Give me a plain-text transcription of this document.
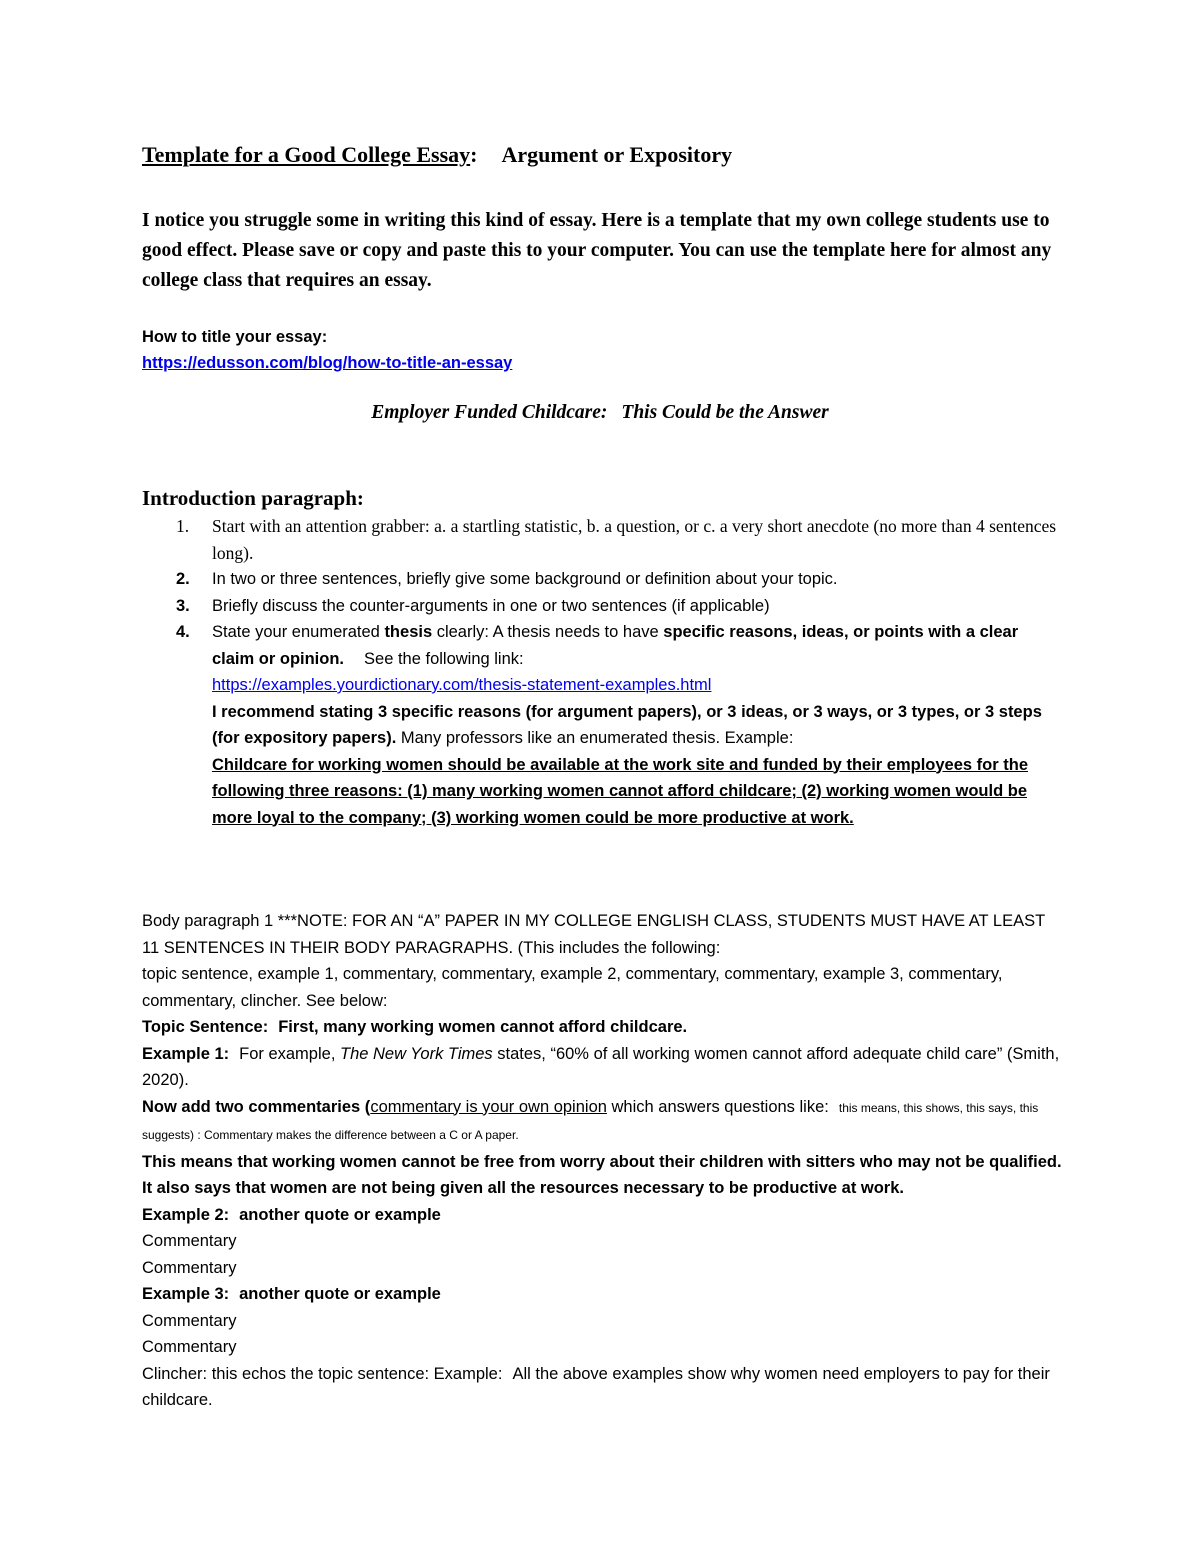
Template for a Good College Essay: Argument or Expository
I notice you struggle some in writing this kind of essay. Here is a template that my own college students use to good effect. Please save or copy and paste this to your computer. You can use the template here for almost any college class that requires an essay.
How to title your essay:
https://edusson.com/blog/how-to-title-an-essay
Employer Funded Childcare: This Could be the Answer
Introduction paragraph:
1. Start with an attention grabber: a. a startling statistic, b. a question, or c. a very short anecdote (no more than 4 sentences long).
2. In two or three sentences, briefly give some background or definition about your topic.
3. Briefly discuss the counter-arguments in one or two sentences (if applicable)
4. State your enumerated thesis clearly: A thesis needs to have specific reasons, ideas, or points with a clear claim or opinion. See the following link:
https://examples.yourdictionary.com/thesis-statement-examples.html
I recommend stating 3 specific reasons (for argument papers), or 3 ideas, or 3 ways, or 3 types, or 3 steps (for expository papers). Many professors like an enumerated thesis. Example:
Childcare for working women should be available at the work site and funded by their employees for the following three reasons: (1) many working women cannot afford childcare; (2) working women would be more loyal to the company; (3) working women could be more productive at work.
Body paragraph 1 ***NOTE: FOR AN “A” PAPER IN MY COLLEGE ENGLISH CLASS, STUDENTS MUST HAVE AT LEAST 11 SENTENCES IN THEIR BODY PARAGRAPHS. (This includes the following:
topic sentence, example 1, commentary, commentary, example 2, commentary, commentary, example 3, commentary, commentary, clincher. See below:
Topic Sentence: First, many working women cannot afford childcare.
Example 1: For example, The New York Times states, “60% of all working women cannot afford adequate child care” (Smith, 2020).
Now add two commentaries (commentary is your own opinion which answers questions like: this means, this shows, this says, this suggests) : Commentary makes the difference between a C or A paper.
This means that working women cannot be free from worry about their children with sitters who may not be qualified. It also says that women are not being given all the resources necessary to be productive at work.
Example 2: another quote or example
Commentary
Commentary
Example 3: another quote or example
Commentary
Commentary
Clincher: this echos the topic sentence: Example: All the above examples show why women need employers to pay for their childcare.
